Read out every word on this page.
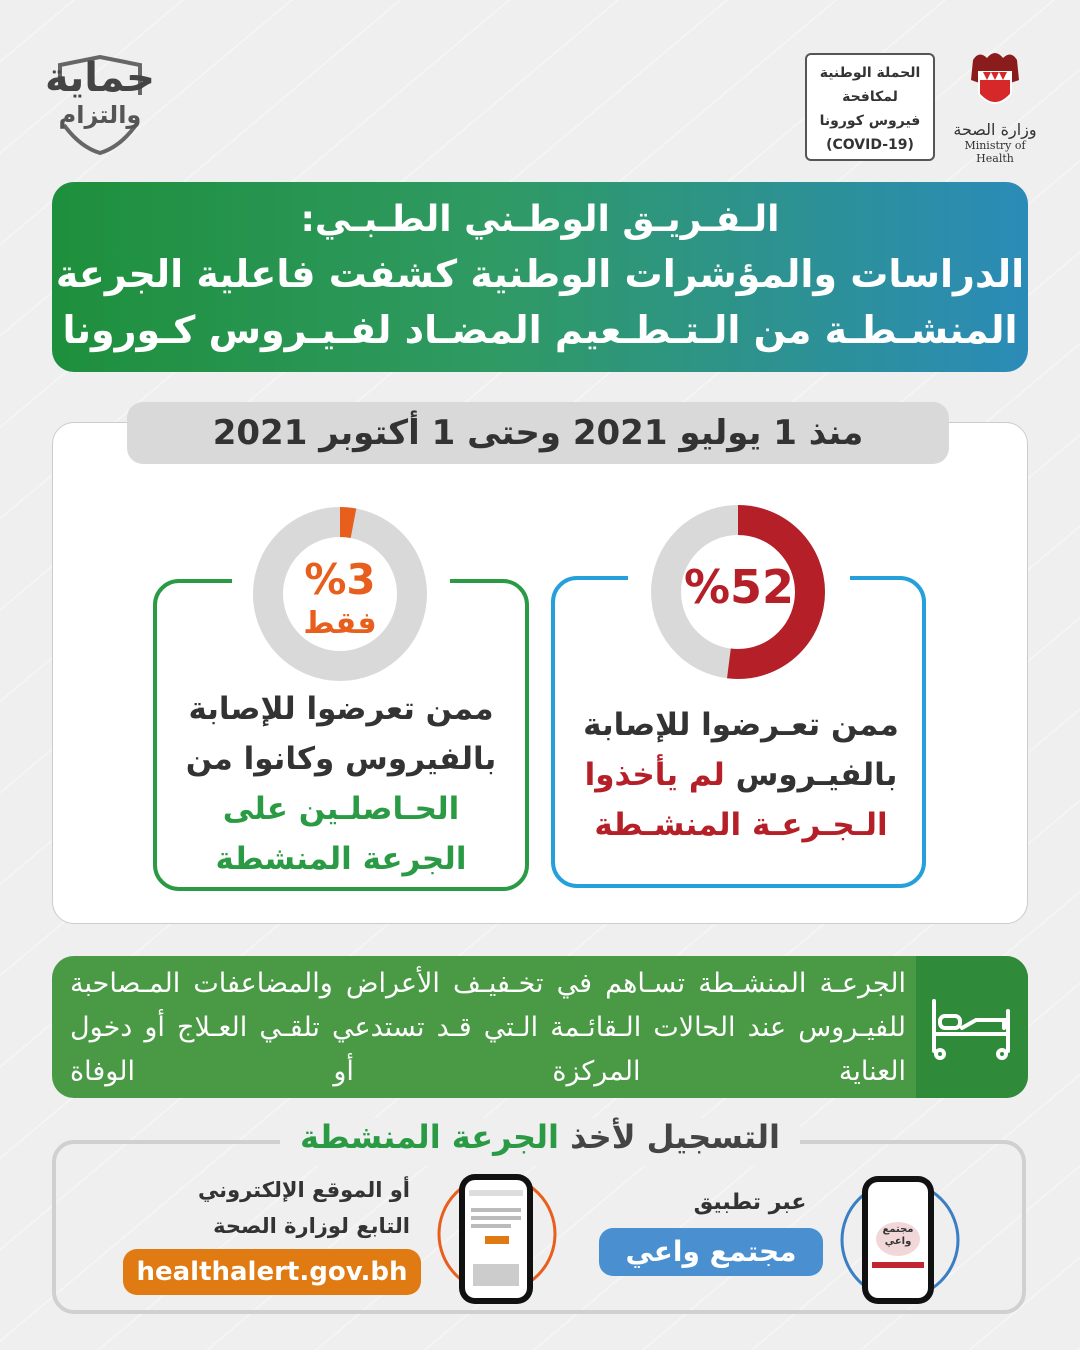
حماية
والتزام
الحملة الوطنية
لمكافحة
فيروس كورونا
(COVID-19)
وزارة الصحة
Ministry of Health
الـفـريـق الوطـني الطـبـي:
الدراسات والمؤشرات الوطنية كشفت فاعلية الجرعة
المنشـطـة من الـتـطـعيم المضـاد لفـيـروس كـورونا
منذ 1 يوليو 2021 وحتى 1 أكتوبر 2021
%52
ممن تعـرضوا للإصابة
بالفيـروس لم يأخذوا
الـجـرعـة المنشـطة
%3
فقط
ممن تعرضوا للإصابة
بالفيروس وكانوا من
الحـاصلـين على
الجرعة المنشطة
الجرعـة المنشـطة تسـاهم في تخـفيـف الأعراض والمضاعفات المـصاحبة للفيـروس عند الحالات الـقائـمة الـتي قـد تستدعي تلقـي العـلاج أو دخول العناية المركزة أو الوفاة
التسجيل لأخذ الجرعة المنشطة
مجتمع واعي
عبر تطبيق
مجتمع واعي
أو الموقع الإلكتروني
التابع لوزارة الصحة
healthalert.gov.bh
